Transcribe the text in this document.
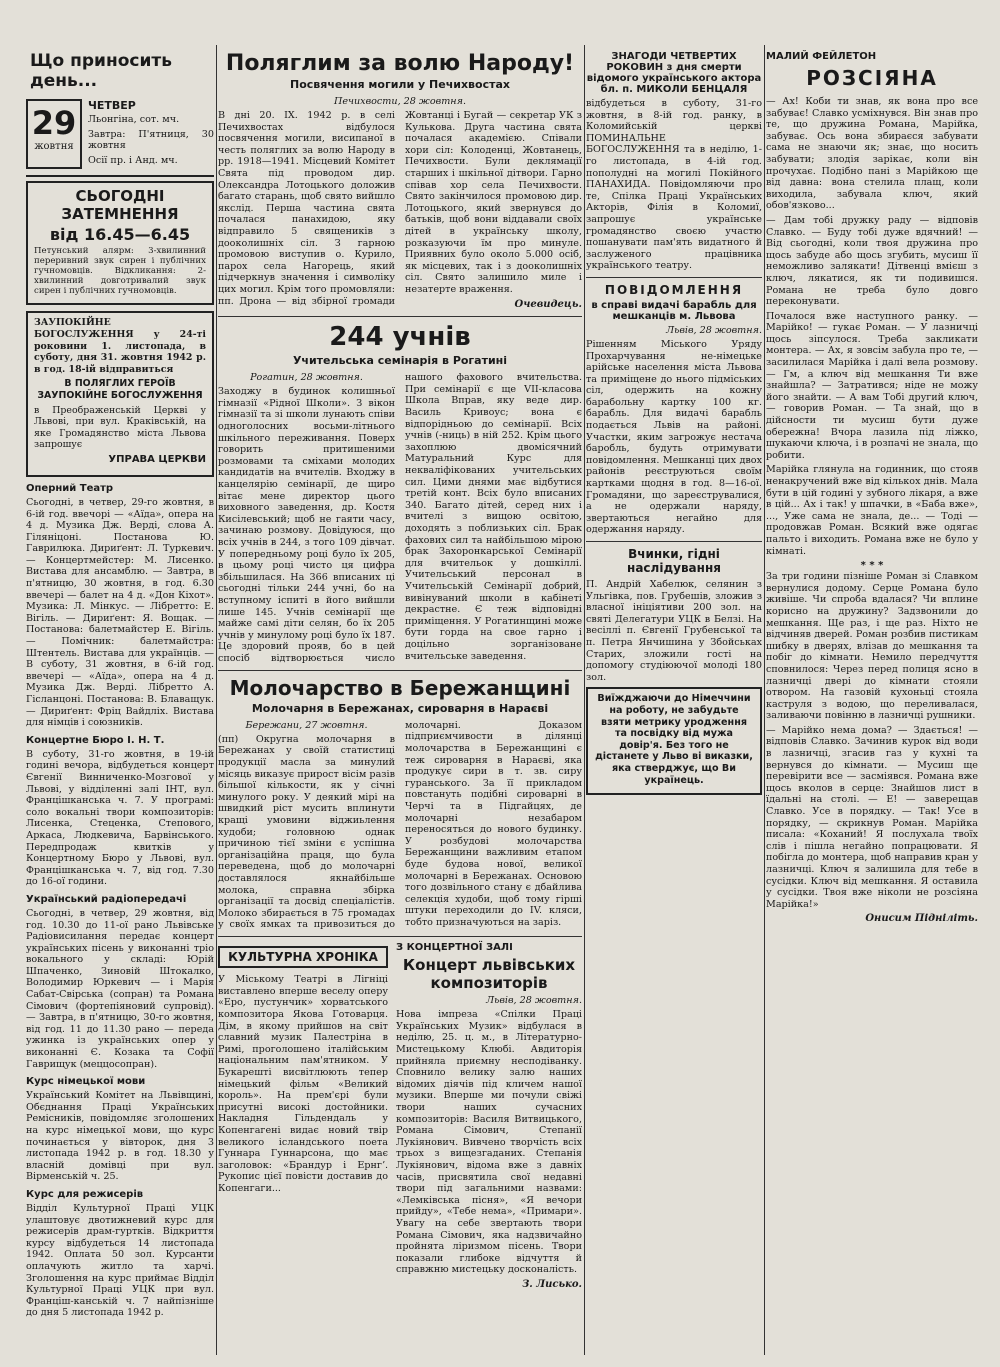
Що приносить день...
29
жовтня
ЧЕТВЕР

Льонгіна, сот. мч.

Завтра: П'ятниця, 30 жовтня

Осії пр. і Анд. мч.

СЬОГОДНІ
ЗАТЕМНЕННЯ
від 16.45—6.45

Петунський алярм: 3-хвилинний переривний звук сирен і публічних гучномовців. Відкликання: 2-хвилинний довготривалий звук сирен і публічних гучномовців.

ЗАУПОКІЙНЕ БОГОСЛУЖЕННЯ у 24-ті роковини 1. листопада, в суботу, дня 31. жовтня 1942 р. в год. 18-ій відправиться

В ПОЛЯГЛИХ ГЕРОЇВ ЗАУПОКІЙНЕ БОГОСЛУЖЕННЯ

в Преображенській Церкві у Львові, при вул. Краківській, на яке Громадянство міста Львова запрошує

УПРАВА ЦЕРКВИ
Оперний Театр

Сьогодні, в четвер, 29-го жовтня, в 6-ій год. ввечорі — «Аїда», опера на 4 д. Музика Дж. Верді, слова А. Гіляніцоні. Постанова Ю. Гаврилюка. Дириґент: Л. Туркевич. — Концертмейстер: М. Лисенко. Вистава для ансамблю. — Завтра, в п'ятницю, 30 жовтня, в год. 6.30 ввечері — балет на 4 д. «Дон Кіхот». Музика: Л. Мінкус. — Лібретто: Е. Вігіль. — Дириґент: Я. Вощак. — Постанова: балетмайстер Е. Вігіль. — Помічник: балетмайстра: Штентель. Вистава для українців. — В суботу, 31 жовтня, в 6-ій год. ввечері — «Аїда», опера на 4 д. Музика Дж. Верді. Лібретто А. Гісланцоні. Постанова: В. Блаващук. — Дириґент: Фріц Вайдліх. Вистава для німців і союзників.

Концертне Бюро І. Н. Т.

В суботу, 31-го жовтня, в 19-ій годині вечора, відбудеться концерт Євгенії Винниченко-Мозгової у Львові, у відділенні залі ІНТ, вул. Францішканська ч. 7. У програмі: соло вокальні твори композиторів: Лисенка, Стеценка, Степового, Аркаса, Людкевича, Барвінського. Передпродаж квитків у Концертному Бюро у Львові, вул. Францішканська ч. 7, від год. 7.30 до 16-ої години.

Український радіопередачі

Сьогодні, в четвер, 29 жовтня, від год. 10.30 до 11-ої рано Львівське Радіовисилання передає концерт українських пісень у виконанні тріо вокального у складі: Юрій Шпаченко, Зиновій Штокалко, Володимир Юркевич — і Марія Сабат-Свірська (сопран) та Романа Сімович (фортепіяновий супровід). — Завтра, в п'ятницю, 30-го жовтня, від год. 11 до 11.30 рано — переда ужинка із українських опер у виконанні Є. Козака та Софії Гаврищук (меццосопран).

Курс німецької мови

Український Комітет на Львівщині, Обєднання Праці Українських Ремісників, повідомляє зголошених на курс німецької мови, що курс починається у вівторок, дня 3 листопада 1942 р. в год. 18.30 у власній домівці при вул. Вірменській ч. 25.

Курс для режисерів

Відділ Культурної Праці УЦК улаштовує двотижневий курс для режисерів драм-гуртків. Відкриття курсу відбудеться 14 листопада 1942. Оплата 50 зол. Курсанти оплачують житло та харчі. Зголошення на курс приймає Відділ Культурної Праці УЦК при вул. Франціш-канській ч. 7 найпізніше до дня 5 листопада 1942 р.

Поляглим за волю Народу!
Посвячення могили у Печихвостах
Печихвости, 28 жовтня.

В дні 20. IX. 1942 р. в селі Печихвостах відбулося посвячення могили, висипаної в честь поляглих за волю Народу в рр. 1918—1941. Місцевий Комітет Свята під проводом дир. Олександра Лотоцького доложив багато старань, щоб свято вийшло якслід. Перша частина свята почалася панахидою, яку відправило 5 священиків з дооколишніх сіл. З гарною промовою виступив о. Курило, парох села Нагорець, який підчеркнув значення і символіку цих могил. Крім того промовляли: пп. Дрона — від збірної громади Жовтанці і Бугай — секретар УК з Кулькова. Друга частина свята почалася академією. Співали хори сіл: Колоденці, Жовтанець, Печихвости. Були деклямації старших і шкільної дітвори. Гарно співав хор села Печихвости. Свято закінчилося промовою дир. Лотоцького, який звернувся до батьків, щоб вони віддавали своїх дітей в українську школу, розказуючи їм про минуле. Приявних було около 5.000 осіб, як місцевих, так і з дооколишніх сіл. Свято залишило миле і незатерте враження.

Очевидець.
244 учнів
Учительська семінарія в Рогатині
Рогатин, 28 жовтня.

Заходжу в будинок колишньої гімназії «Рідної Школи». З вікон гімназії та зі школи лунають співи одноголосних восьми-літнього шкільного переживання. Поверх говорить притишеними розмовами та сміхами молодих кандидатів на вчителів. Входжу в канцелярію семінарії, де щиро вітає мене директор цього виховного заведення, др. Костя Кисілевський; щоб не гаяти часу, зачинаю розмову. Довідуюся, що всіх учнів в 244, з того 109 дівчат. У попередньому році було їх 205, в цьому році чисто ця цифра збільшилася. На 366 вписаних ці сьогодні тільки 244 учні, бо на вступному іспиті в його вийшли лише 145. Учнів семінарії ще майже самі діти селян, бо їх 205 учнів у минулому році було їх 187. Це здоровий прояв, бо в цей спосіб відтворюється число нашого фахового вчительства. При семінарії є ще VII-класова Школа Вправ, яку веде дир. Василь Кривоус; вона є відпорідньою до семінарії. Всіх учнів (-ниць) в ній 252. Крім цього захоплюю двомісячний Матуральний Курс для некваліфікованих учительських сил. Цими днями має відбутися третій конт. Всіх було вписаних 340. Багато дітей, серед них і вчителі з вищою освітою, доходять з поблизьких сіл. Брак фахових сил та найбільшою мірою брак Захоронкарської Семінарії для вчительок у дошкіллі. Учительський персонал в Учительській Семінарії добрий, вивінуваний школи в кабінеті декрастне. Є теж відповідні приміщення. У Рогатинщині може бути горда на свое гарно і доцільно зорганізоване вчительське заведення.

Молочарство в Бережанщині
Молочарня в Бережанах, сироварня в Нараєві
Бережани, 27 жовтня.

(пп) Округна молочарня в Бережанах у своїй статистиці продукції масла за минулий місяць виказує прирост вісім разів більшої кількости, як у січні минулого року. У деякий мірі на швидкий ріст мусить вплинути кращі умовини віджиьлення худоби; головною однак причиною тієї зміни є успішна організаційна праця, що була переведена, щоб до молочарні доставлялося якнайбільше молока, справна збірка організації та досвід спеціалістів. Молоко збирається в 75 громадах у своїх ямках та привозиться до молочарні. Доказом підприємчивости в ділянці молочарства в Бережанщині є теж сироварня в Нараєві, яка продукує сири в т. зв. сиру гуранського. За її прикладом повстануть подібні сироварні в Черчі та в Підгайцях, де молочарні незабаром переносяться до нового будинку. У розбудові молочарства Бережанщини важливим етапом буде будова нової, великої молочарні в Бережанах. Основою того дозвільного стану є дбайлива селекція худоби, щоб тому гірші штуки переходили до IV. кляси, тобто призначуються на заріз.

КУЛЬТУРНА ХРОНІКА

У Міському Театрі в Лігніці виставлено вперше веселу оперу «Еро, пустунчик» хорватського композитора Якова Готоварця. Дім, в якому прийшов на світ славний музик Палестріна в Римі, проголошено італійським національним пам'ятником. У Букарешті висвітлюють тепер німецький фільм «Великий король». На прем'єрі були присутні високі достойники. Накладня Гільдендаль у Копенгагені видає новий твір великого ісландського поета Гуннара Гуннарсона, що має заголовок: «Брандур і Ернгʼ. Рукопис цієї повісти доставив до Копенгаги...

З КОНЦЕРТНОЇ ЗАЛІ
Концерт львівських композиторів
Львів, 28 жовтня.

Нова імпреза «Спілки Праці Українських Музик» відбулася в неділю, 25. ц. м., в Літературно-Мистецькому Клюбі. Авдиторія прийняла приємну несподіванку. Сповнило велику залю наших відомих діячів під кличем нашої музики. Вперше ми почули свіжі твори наших сучасних композиторів: Василя Витвицького, Романа Сімович, Степанії Лукіянович. Вивчено творчість всіх трьох з вищезгаданих. Степанія Лукіянович, відома вже з давніх часів, присвятила свої недавні твори під загальними назвами: «Лемківська пісня», «Я вечори прийду», «Тебе нема», «Примари». Увагу на себе звертають твори Романа Сімович, яка надзвичайно пройнята ліризмом пісень. Твори показали глибоке відчуття й справжню мистецьку досконалість.

З. Лисько.
ЗНАГОДИ ЧЕТВЕРТИХ РОКОВИН з дня смерти відомого українського актора бл. п. МИКОЛИ БЕНЦАЛЯ

відбудеться в суботу, 31-го жовтня, в 8-ій год. ранку, в Коломийській церкві ПОМИНАЛЬНЕ БОГОСЛУЖЕННЯ та в неділю, 1-го листопада, в 4-ій год. пополудні на могилі Покійного ПАНАХИДА. Повідомляючи про те, Спілка Праці Українських Акторів, Філія в Коломиї, запрошує українське громадянство своєю участю пошанувати пам'ять видатного й заслуженого працівника українського театру.

ПОВІДОМЛЕННЯ
в справі видачі барабль для мешканців м. Львова
Львів, 28 жовтня.

Рішенням Міського Уряду Прохарчування не-німецьке арійське населення міста Львова та приміщене до нього підміських сіл, одержить на кожну барабольну картку 100 кг. барабль. Для видачі барабль подається Львів на районі. Участки, яким загрожує нестача баробль, будуть отримувати повідомлення. Мешканці цих двох районів реєструються своїм картками щодня в год. 8—16-ої. Громадяни, що зареєструвалися, а не одержали наряду, звертаються негайно для одержання наряду.

Вчинки, гідні наслідування

П. Андрій Хабелюк, селянин з Ульгівка, пов. Грубешів, зложив з власної ініціятиви 200 зол. на святі Делегатури УЦК в Белзі. На весіллі п. Євгенії Грубенської та п. Петра Янчишина у Збойськах Старих, зложили гості на допомогу студіюючої молоді 180 зол.

Виїжджаючи до Німеччини на роботу, не забудьте взяти метрику уродження та посвідку від мужа довір'я. Без того не дістанете у Льво ві виказки, яка стверджує, що Ви українець.

МАЛИЙ ФЕЙЛЕТОН
РОЗСІЯНА

— Ах! Коби ти знав, як вона про все забуває! Славко усміхнувся. Він знав про те, що дружина Романа, Марійка, забуває. Ось вона збираєся забувати сама не знаючи як; знає, що носить забувати; злодія зарікає, коли він прочухає. Подібно пані з Марійкою ще від давна: вона стелила плащ, коли виходила, забувала ключ, який обов'язково...

— Дам тобі дружку раду — відповів Славко. — Буду тобі дуже вдячний! — Від сьогодні, коли твоя дружина про щось забуде або щось згубить, мусиш її неможливо залякати! Дітвенці вмієш з ключ, лякатися, як ти подивишся. Романа не треба було довго переконувати.

Почалося вже наступного ранку. — Марійко! — гукає Роман. — У лазничці щось зіпсулося. Треба закликати монтера. — Ах, я зовсім забула про те, — засилилася Марійка і далі вела розмову. — Гм, а ключ від мешкання Ти вже знайшла? — Затратився; ніде не можу його знайти. — А вам Тобі другий ключ, — говорив Роман. — Та знай, що в дійсности ти мусиш бути дуже обережна! Вчора лазила під ліжко, шукаючи ключа, і в розпачі не знала, що робити.

Марійка глянула на годинник, що стояв ненакручений вже від кількох днів. Мала бути в цій годині у зубного лікаря, а вже в цій... Ах і так! у шпачки, в «Баба вже», ..., Уже сама не знала, де... — Тоді — продовжав Роман. Всякий вже одягає пальто і виходить. Романа вже не було у кімнаті.

* * *

За три години пізніше Роман зі Славком вернулися додому. Серце Романа було живіше. Чи спроба вдалася? Чи вплине корисно на дружину? Задзвонили до мешкання. Ще раз, і ще раз. Ніхто не відчиняв дверей. Роман розбив пистикам шибку в дверях, влізав до мешкання та побіг до кімнати. Немило передчуття сповнилося: Через перед полиця ясно в лазничці двері до кімнати стояли отвором. На газовій кухоньці стояла каструля з водою, що переливалася, заливаючи повінню в лазничці рушники.

— Марійко нема дома? — Здається! — відповів Славко. Зачинив курок від води в лазничці, згасив газ у кухні та вернувся до кімнати. — Мусиш ще перевірити все — засміявся. Романа вже щось вколов в серце: Знайшов лист в їдальні на столі. — Е! — заверещав Славко. Усе в порядку. — Так! Усе в порядку, — скрикнув Роман. Марійка писала: «Коханий! Я послухала твоїх слів і пішла негайно попрацювати. Я побігла до монтера, щоб направив кран у лазничці. Ключ я залишила для тебе в сусідки. Ключ від мешкання. Я оставила у сусідки. Твоя вже ніколи не розсіяна Марійка!»

Онисим Підніліть.
